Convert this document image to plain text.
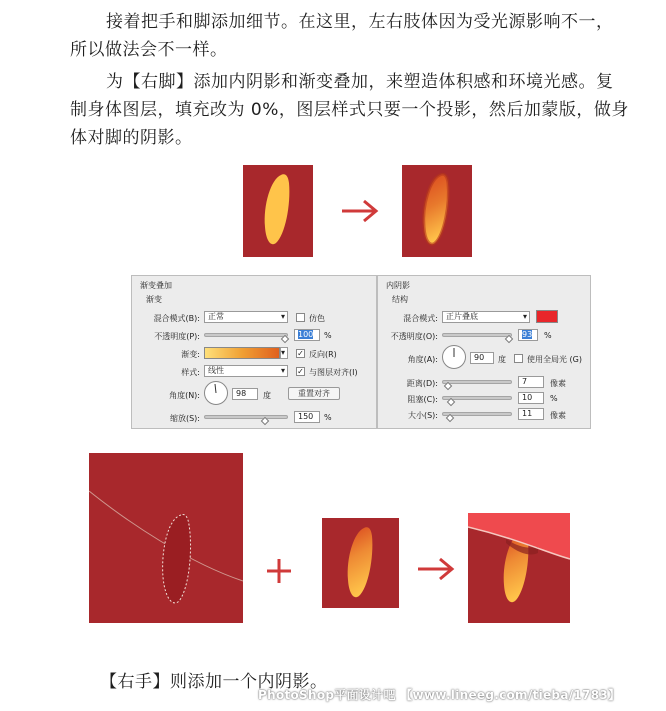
接着把手和脚添加细节。在这里，左右肢体因为受光源影响不一，所以做法会不一样。

为【右脚】添加内阴影和渐变叠加，来塑造体积感和环境光感。复制身体图层，填充改为 0%，图层样式只要一个投影，然后加蒙版，做身体对脚的阴影。

渐变叠加
渐变
混合模式(B):	正常 ▾	仿色
不透明度(P):	100	%
渐变:
▾	✓ 反向(R)
样式:	线性 ▾	✓ 与图层对齐(I)
角度(N):	98	度	重置对齐
缩放(S):	150	%
内阴影
结构
混合模式:	正片叠底 ▾
不透明度(O):	93	%
角度(A):	90	度	使用全局光 (G)
距离(D):	7	像素
阻塞(C):	10	%
大小(S):	11	像素

【右手】则添加一个内阴影。

PhotoShop平面设计吧 【www.lineeg.com/tieba/1783】
